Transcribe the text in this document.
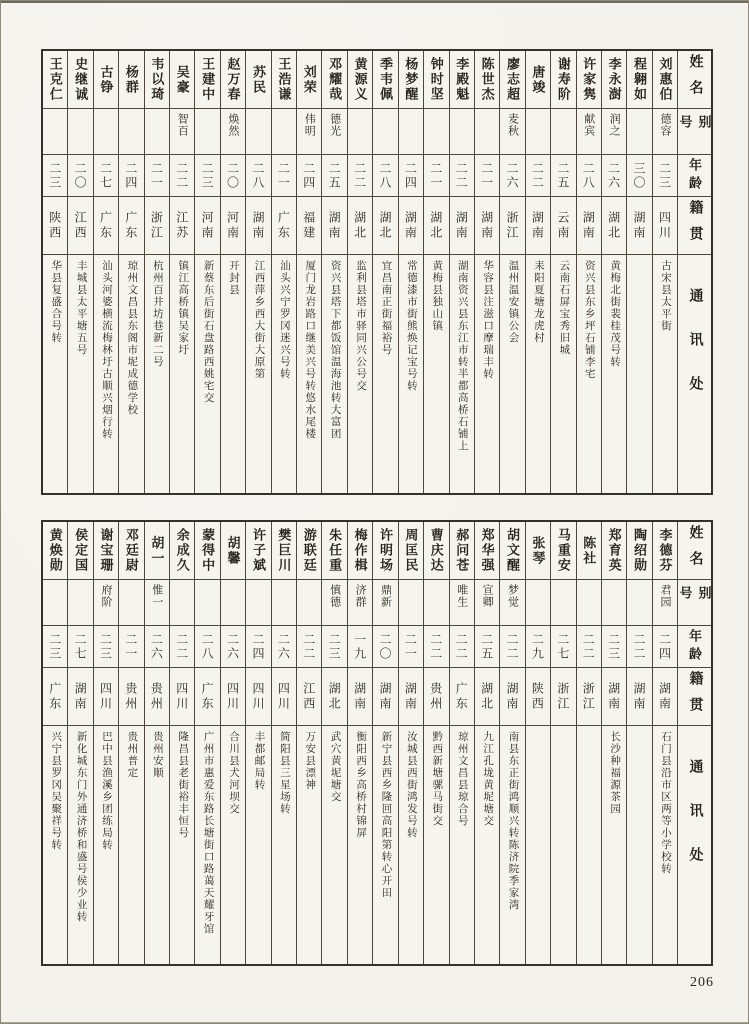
王克仁
二三
陕西
华县复盛合号转
史继诚
二〇
江西
丰城县太平塘五号
古铮
二七
广东
汕头河婆横流梅林圩古顺兴烟行转
杨群
二四
广东
琼州文昌县东阁市坭成德学校
韦以琦
二一
浙江
杭州百井坊巷新二号
吴豪
智百
二二
江苏
镇江高桥镇吴家圩
王建中
二三
河南
新蔡东后街石盘路西姚宅交
赵万春
焕然
二〇
河南
开封县
苏民
二八
湖南
江西萍乡西大街大原第
王浩谦
二一
广东
汕头兴宁罗冈迷兴号转
刘荣
伟明
二四
福建
厦门龙岩路口继美兴号转悠水尾楼
邓耀哉
德光
二五
湖南
资兴县塔下都饭馆温海池转大富团
黄源义
二二
湖北
监利县塔市驿同兴公号交
季韦佩
二八
湖北
宜昌南正街福裕号
杨梦醒
二四
湖南
常德漆市街熊焕记宝号转
钟时坚
二一
湖北
黄梅县独山镇
李殿魁
二二
湖南
湖南资兴县东江市转半都高桥石铺上
陈世杰
二一
湖南
华容县注滋口摩瑞丰转
廖志超
麦秋
二六
浙江
温州温安镇公会
唐竣
二二
湖南
耒阳夏塘龙虎村
谢寿阶
二五
云南
云南石屏宝秀旧城
许家隽
献宾
二八
湖南
资兴县东乡坪石铺李宅
李永澍
润之
二六
湖北
黄梅北街裴桂茂号转
程翱如
三〇
湖南
刘惠伯
德容
二三
四川
古宋县太平街
姓名
别号
年龄
籍贯
通讯处
黄焕勋
二三
广东
兴宁县罗冈吴聚祥号转
侯定国
二七
湖南
新化城东门外通济桥和盛号侯少业转
谢宝珊
府阶
二三
四川
巴中县渔溪乡团练局转
邓廷尉
二一
贵州
贵州普定
胡一
惟一
二六
贵州
贵州安顺
余成久
二二
四川
隆昌县老街裕丰恒号
蒙得中
二八
广东
广州市惠爱东路长塘街口路蔼天耀牙馆
胡馨
二六
四川
合川县犬河坝交
许子斌
二四
四川
丰都邮局转
樊巨川
二六
四川
简阳县三星场转
游联廷
二二
江西
万安县漂神
朱任重
慎德
二三
湖北
武穴黄坭塘交
梅作楫
济群
一九
湖南
衡阳西乡高桥村锦屏
许明场
鼎新
二〇
湖南
新宁县西乡隆回高阳第转心开田
周匡民
二一
湖南
汝城县西街鸿发号转
曹庆达
二二
贵州
黔西新塘骡马街交
郝问苍
唯生
二二
广东
琼州文昌县琼合号
郑华强
宣卿
二五
湖北
九江孔垅黄坭塘交
胡文醒
梦觉
二二
湖南
南县东正街鸿顺兴转陈济院季家湾
张琴
二九
陕西
马重安
二七
浙江
陈社
二二
浙江
郑育英
二三
湖南
长沙种福源茶园
陶绍勋
二二
湖南
李德芬
君园
二四
湖南
石门县沿市区两等小学校转
姓名
别号
年龄
籍贯
通讯处
206
